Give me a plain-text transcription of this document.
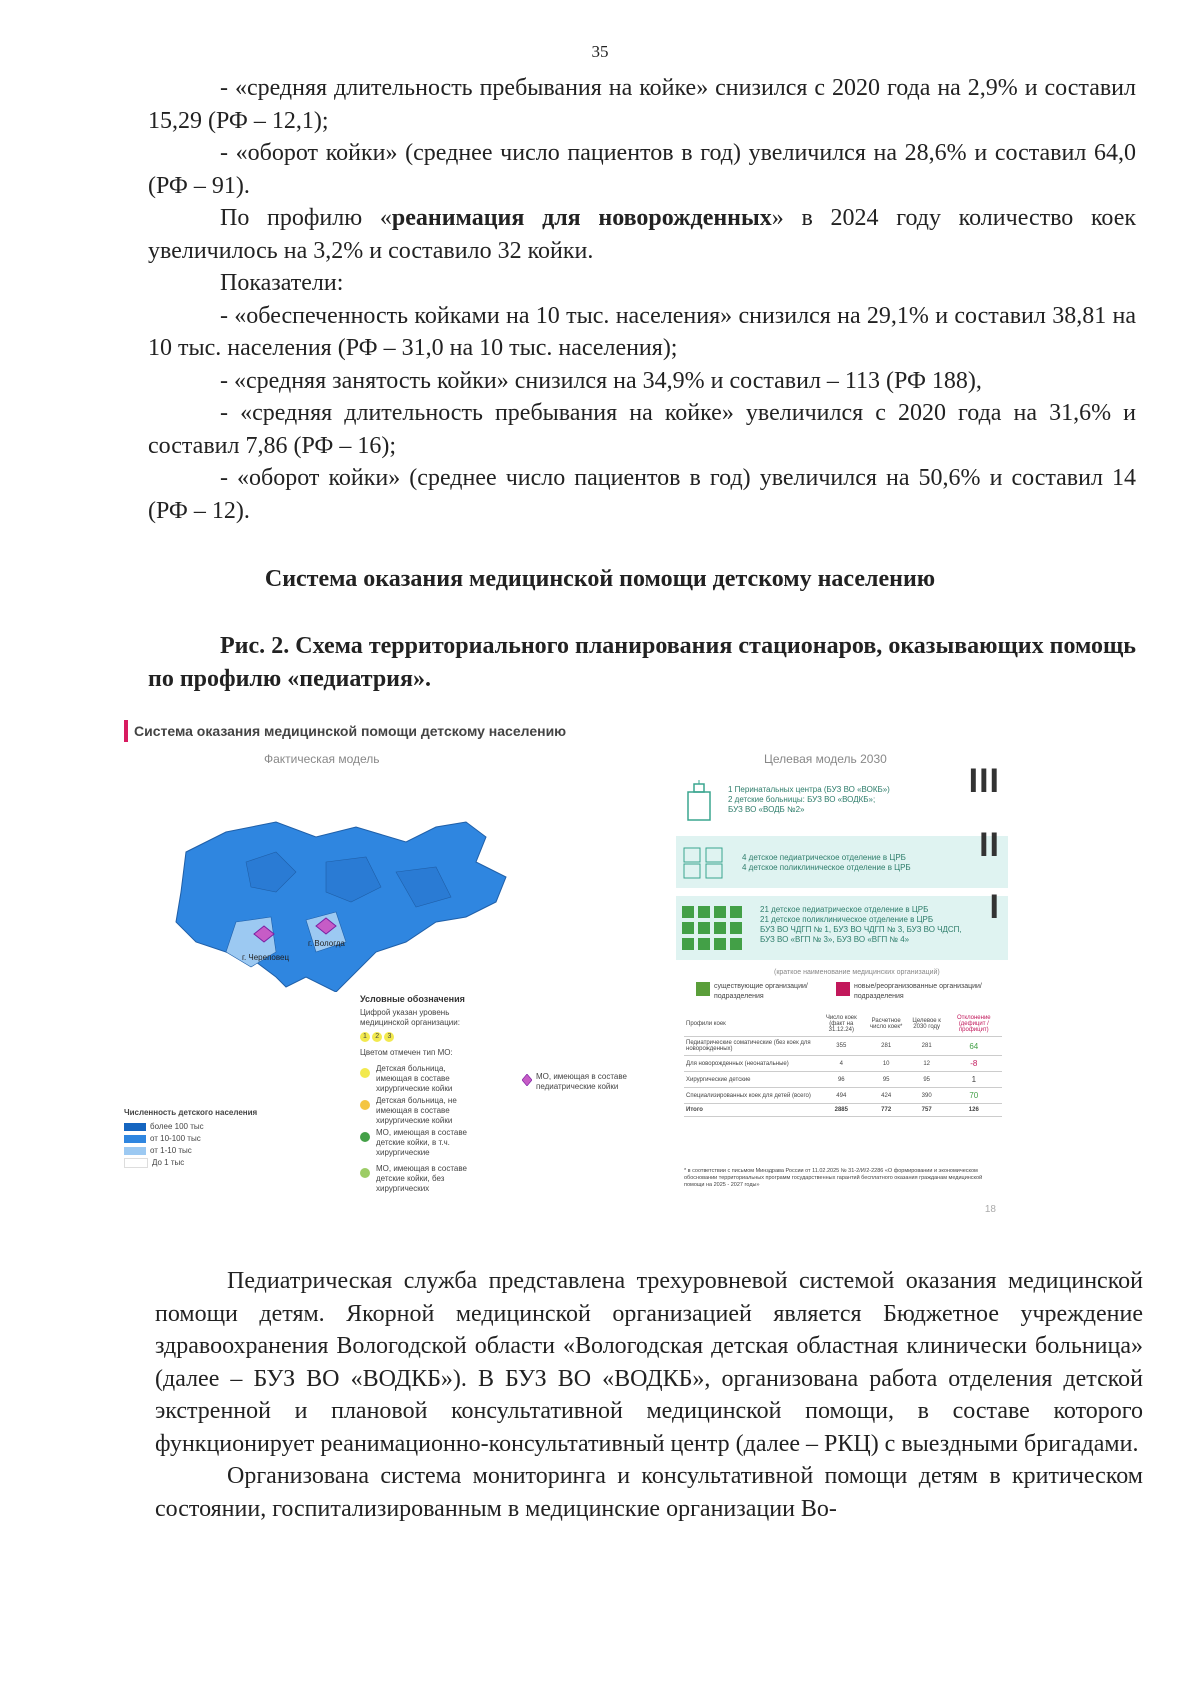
35

- «средняя длительность пребывания на койке» снизился с 2020 года на 2,9% и составил 15,29 (РФ – 12,1);

- «оборот койки» (среднее число пациентов в год) увеличился на 28,6% и составил 64,0 (РФ – 91).

По профилю «реанимация для новорожденных» в 2024 году количество коек увеличилось на 3,2% и составило 32 койки.

Показатели:

- «обеспеченность койками на 10 тыс. населения» снизился на 29,1% и составил 38,81 на 10 тыс. населения (РФ – 31,0 на 10 тыс. населения);

- «средняя занятость койки» снизился на 34,9% и составил – 113 (РФ 188),

- «средняя длительность пребывания на койке» увеличился с 2020 года на 31,6% и составил 7,86 (РФ – 16);

- «оборот койки» (среднее число пациентов в год) увеличился на 50,6% и составил 14 (РФ – 12).

Система оказания медицинской помощи детскому населению
Рис. 2. Схема территориального планирования стационаров, оказывающих помощь по профилю «педиатрия».
Система оказания медицинской помощи детскому населению
Фактическая модель	Целевая модель 2030
г. Череповец
г. Вологда
Условные обозначения
Цифрой указан уровень медицинской организации:
1 2 3
Цветом отмечен тип МО:
Детская больница, имеющая в составе хирургические койки
Детская больница, не имеющая в составе хирургические койки
МО, имеющая в составе детские койки, в т.ч. хирургические
МО, имеющая в составе детские койки, без хирургических
МО, имеющая в составе педиатрические койки
Численность детского населения
более 100 тыс
от 10-100 тыс
от 1-10 тыс
До 1 тыс
1 Перинатальных центра (БУЗ ВО «ВОКБ»)
2 детские больницы: БУЗ ВО «ВОДКБ»;
БУЗ ВО «ВОДБ №2»
III
4 детское педиатрическое отделение в ЦРБ
4 детское поликлиническое отделение в ЦРБ
II
21 детское педиатрическое отделение в ЦРБ
21 детское поликлиническое отделение в ЦРБ
БУЗ ВО ЧДГП № 1, БУЗ ВО ЧДГП № 3, БУЗ ВО ЧДСП,
БУЗ ВО «ВГП № 3», БУЗ ВО «ВГП № 4»
I
(краткое наименование медицинских организаций)
существующие организации/подразделения
новые/реорганизованные организации/подразделения
Профили коек	Число коек (факт на 31.12.24)	Расчетное число коек*	Целевое к 2030 году	Отклонение (дефицит / профицит)
Педиатрические соматические (без коек для новорожденных)	355	281	281	64
Для новорожденных (неонатальные)	4	10	12	-8
Хирургические детские	96	95	95	1
Специализированных коек для детей (всего)	494	424	390	70
Итого	2885	772	757	126
* в соответствии с письмом Минздрава России от 11.02.2025 № 31-2/И/2-2286 «О формировании и экономическом обосновании территориальных программ государственных гарантий бесплатного оказания гражданам медицинской помощи на 2025 - 2027 годы»
18

Педиатрическая служба представлена трехуровневой системой оказания медицинской помощи детям. Якорной медицинской организацией является Бюджетное учреждение здравоохранения Вологодской области «Вологодская детская областная клинически больница» (далее – БУЗ ВО «ВОДКБ»). В БУЗ ВО «ВОДКБ», организована работа отделения детской экстренной и плановой консультативной медицинской помощи, в составе которого функционирует реанимационно-консультативный центр (далее – РКЦ) с выездными бригадами.

Организована система мониторинга и консультативной помощи детям в критическом состоянии, госпитализированным в медицинские организации Во-
